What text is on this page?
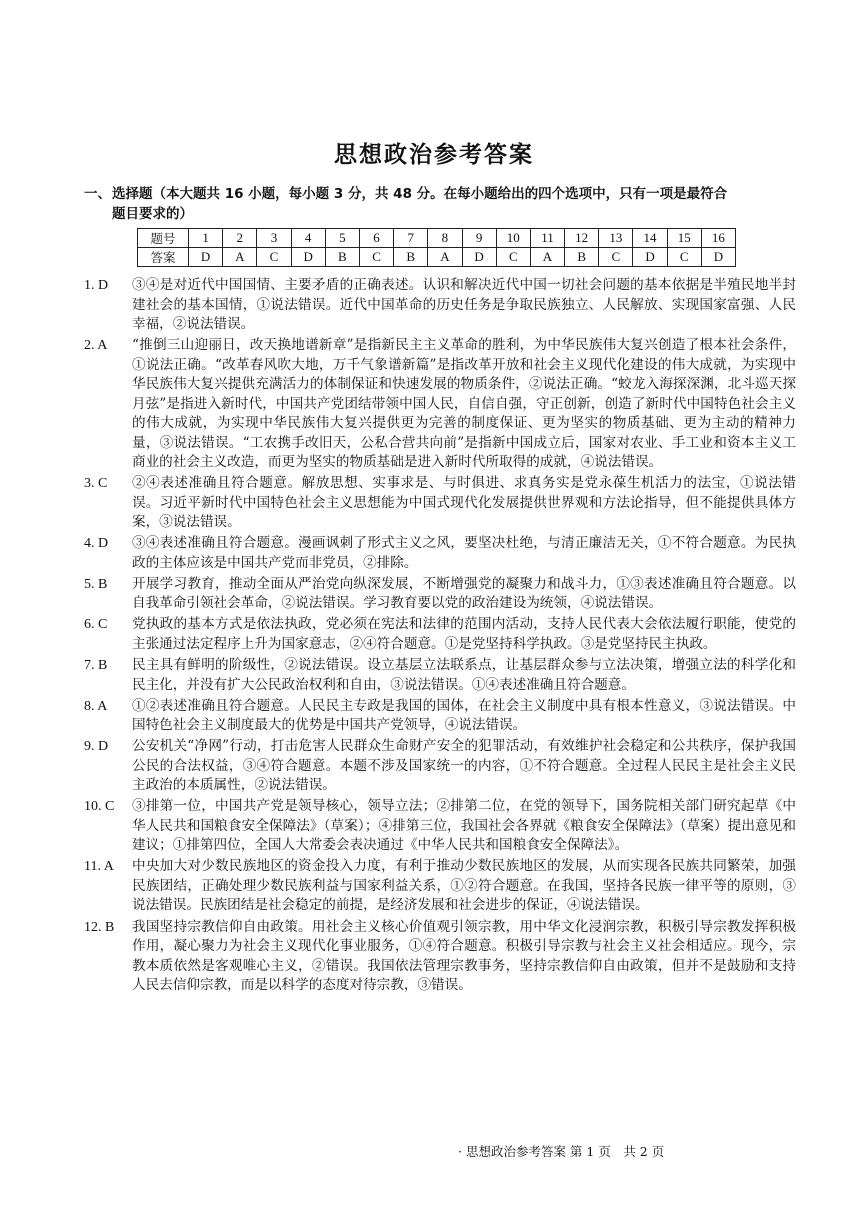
思想政治参考答案
一、选择题（本大题共 16 小题，每小题 3 分，共 48 分。在每小题给出的四个选项中，只有一项是最符合
题目要求的）
题号	1	2	3	4	5	6	7	8	9	10	11	12	13	14	15	16
答案	D	A	C	D	B	C	B	A	D	C	A	B	C	D	C	D
1. D	③④是对近代中国国情、主要矛盾的正确表述。认识和解决近代中国一切社会问题的基本依据是半殖民地半封建社会的基本国情，①说法错误。近代中国革命的历史任务是争取民族独立、人民解放、实现国家富强、人民幸福，②说法错误。
2. A	“推倒三山迎丽日，改天换地谱新章”是指新民主主义革命的胜利，为中华民族伟大复兴创造了根本社会条件，①说法正确。“改革春风吹大地，万千气象谱新篇”是指改革开放和社会主义现代化建设的伟大成就，为实现中华民族伟大复兴提供充满活力的体制保证和快速发展的物质条件，②说法正确。“蛟龙入海探深渊，北斗巡天探月弦”是指进入新时代，中国共产党团结带领中国人民，自信自强，守正创新，创造了新时代中国特色社会主义的伟大成就，为实现中华民族伟大复兴提供更为完善的制度保证、更为坚实的物质基础、更为主动的精神力量，③说法错误。“工农携手改旧天，公私合营共向前”是指新中国成立后，国家对农业、手工业和资本主义工商业的社会主义改造，而更为坚实的物质基础是进入新时代所取得的成就，④说法错误。
3. C	②④表述准确且符合题意。解放思想、实事求是、与时俱进、求真务实是党永葆生机活力的法宝，①说法错误。习近平新时代中国特色社会主义思想能为中国式现代化发展提供世界观和方法论指导，但不能提供具体方案，③说法错误。
4. D	③④表述准确且符合题意。漫画讽刺了形式主义之风，要坚决杜绝，与清正廉洁无关，①不符合题意。为民执政的主体应该是中国共产党而非党员，②排除。
5. B	开展学习教育，推动全面从严治党向纵深发展，不断增强党的凝聚力和战斗力，①③表述准确且符合题意。以自我革命引领社会革命，②说法错误。学习教育要以党的政治建设为统领，④说法错误。
6. C	党执政的基本方式是依法执政，党必须在宪法和法律的范围内活动，支持人民代表大会依法履行职能，使党的主张通过法定程序上升为国家意志，②④符合题意。①是党坚持科学执政。③是党坚持民主执政。
7. B	民主具有鲜明的阶级性，②说法错误。设立基层立法联系点，让基层群众参与立法决策，增强立法的科学化和民主化，并没有扩大公民政治权利和自由，③说法错误。①④表述准确且符合题意。
8. A	①②表述准确且符合题意。人民民主专政是我国的国体，在社会主义制度中具有根本性意义，③说法错误。中国特色社会主义制度最大的优势是中国共产党领导，④说法错误。
9. D	公安机关“净网”行动，打击危害人民群众生命财产安全的犯罪活动，有效维护社会稳定和公共秩序，保护我国公民的合法权益，③④符合题意。本题不涉及国家统一的内容，①不符合题意。全过程人民民主是社会主义民主政治的本质属性，②说法错误。
10. C	③排第一位，中国共产党是领导核心，领导立法；②排第二位，在党的领导下，国务院相关部门研究起草《中华人民共和国粮食安全保障法》（草案）；④排第三位，我国社会各界就《粮食安全保障法》（草案）提出意见和建议；①排第四位，全国人大常委会表决通过《中华人民共和国粮食安全保障法》。
11. A	中央加大对少数民族地区的资金投入力度，有利于推动少数民族地区的发展，从而实现各民族共同繁荣，加强民族团结，正确处理少数民族利益与国家利益关系，①②符合题意。在我国，坚持各民族一律平等的原则，③说法错误。民族团结是社会稳定的前提，是经济发展和社会进步的保证，④说法错误。
12. B	我国坚持宗教信仰自由政策。用社会主义核心价值观引领宗教，用中华文化浸润宗教，积极引导宗教发挥积极作用，凝心聚力为社会主义现代化事业服务，①④符合题意。积极引导宗教与社会主义社会相适应。现今，宗教本质依然是客观唯心主义，②错误。我国依法管理宗教事务，坚持宗教信仰自由政策，但并不是鼓励和支持人民去信仰宗教，而是以科学的态度对待宗教，③错误。
· 思想政治参考答案 第 1 页　共 2 页
